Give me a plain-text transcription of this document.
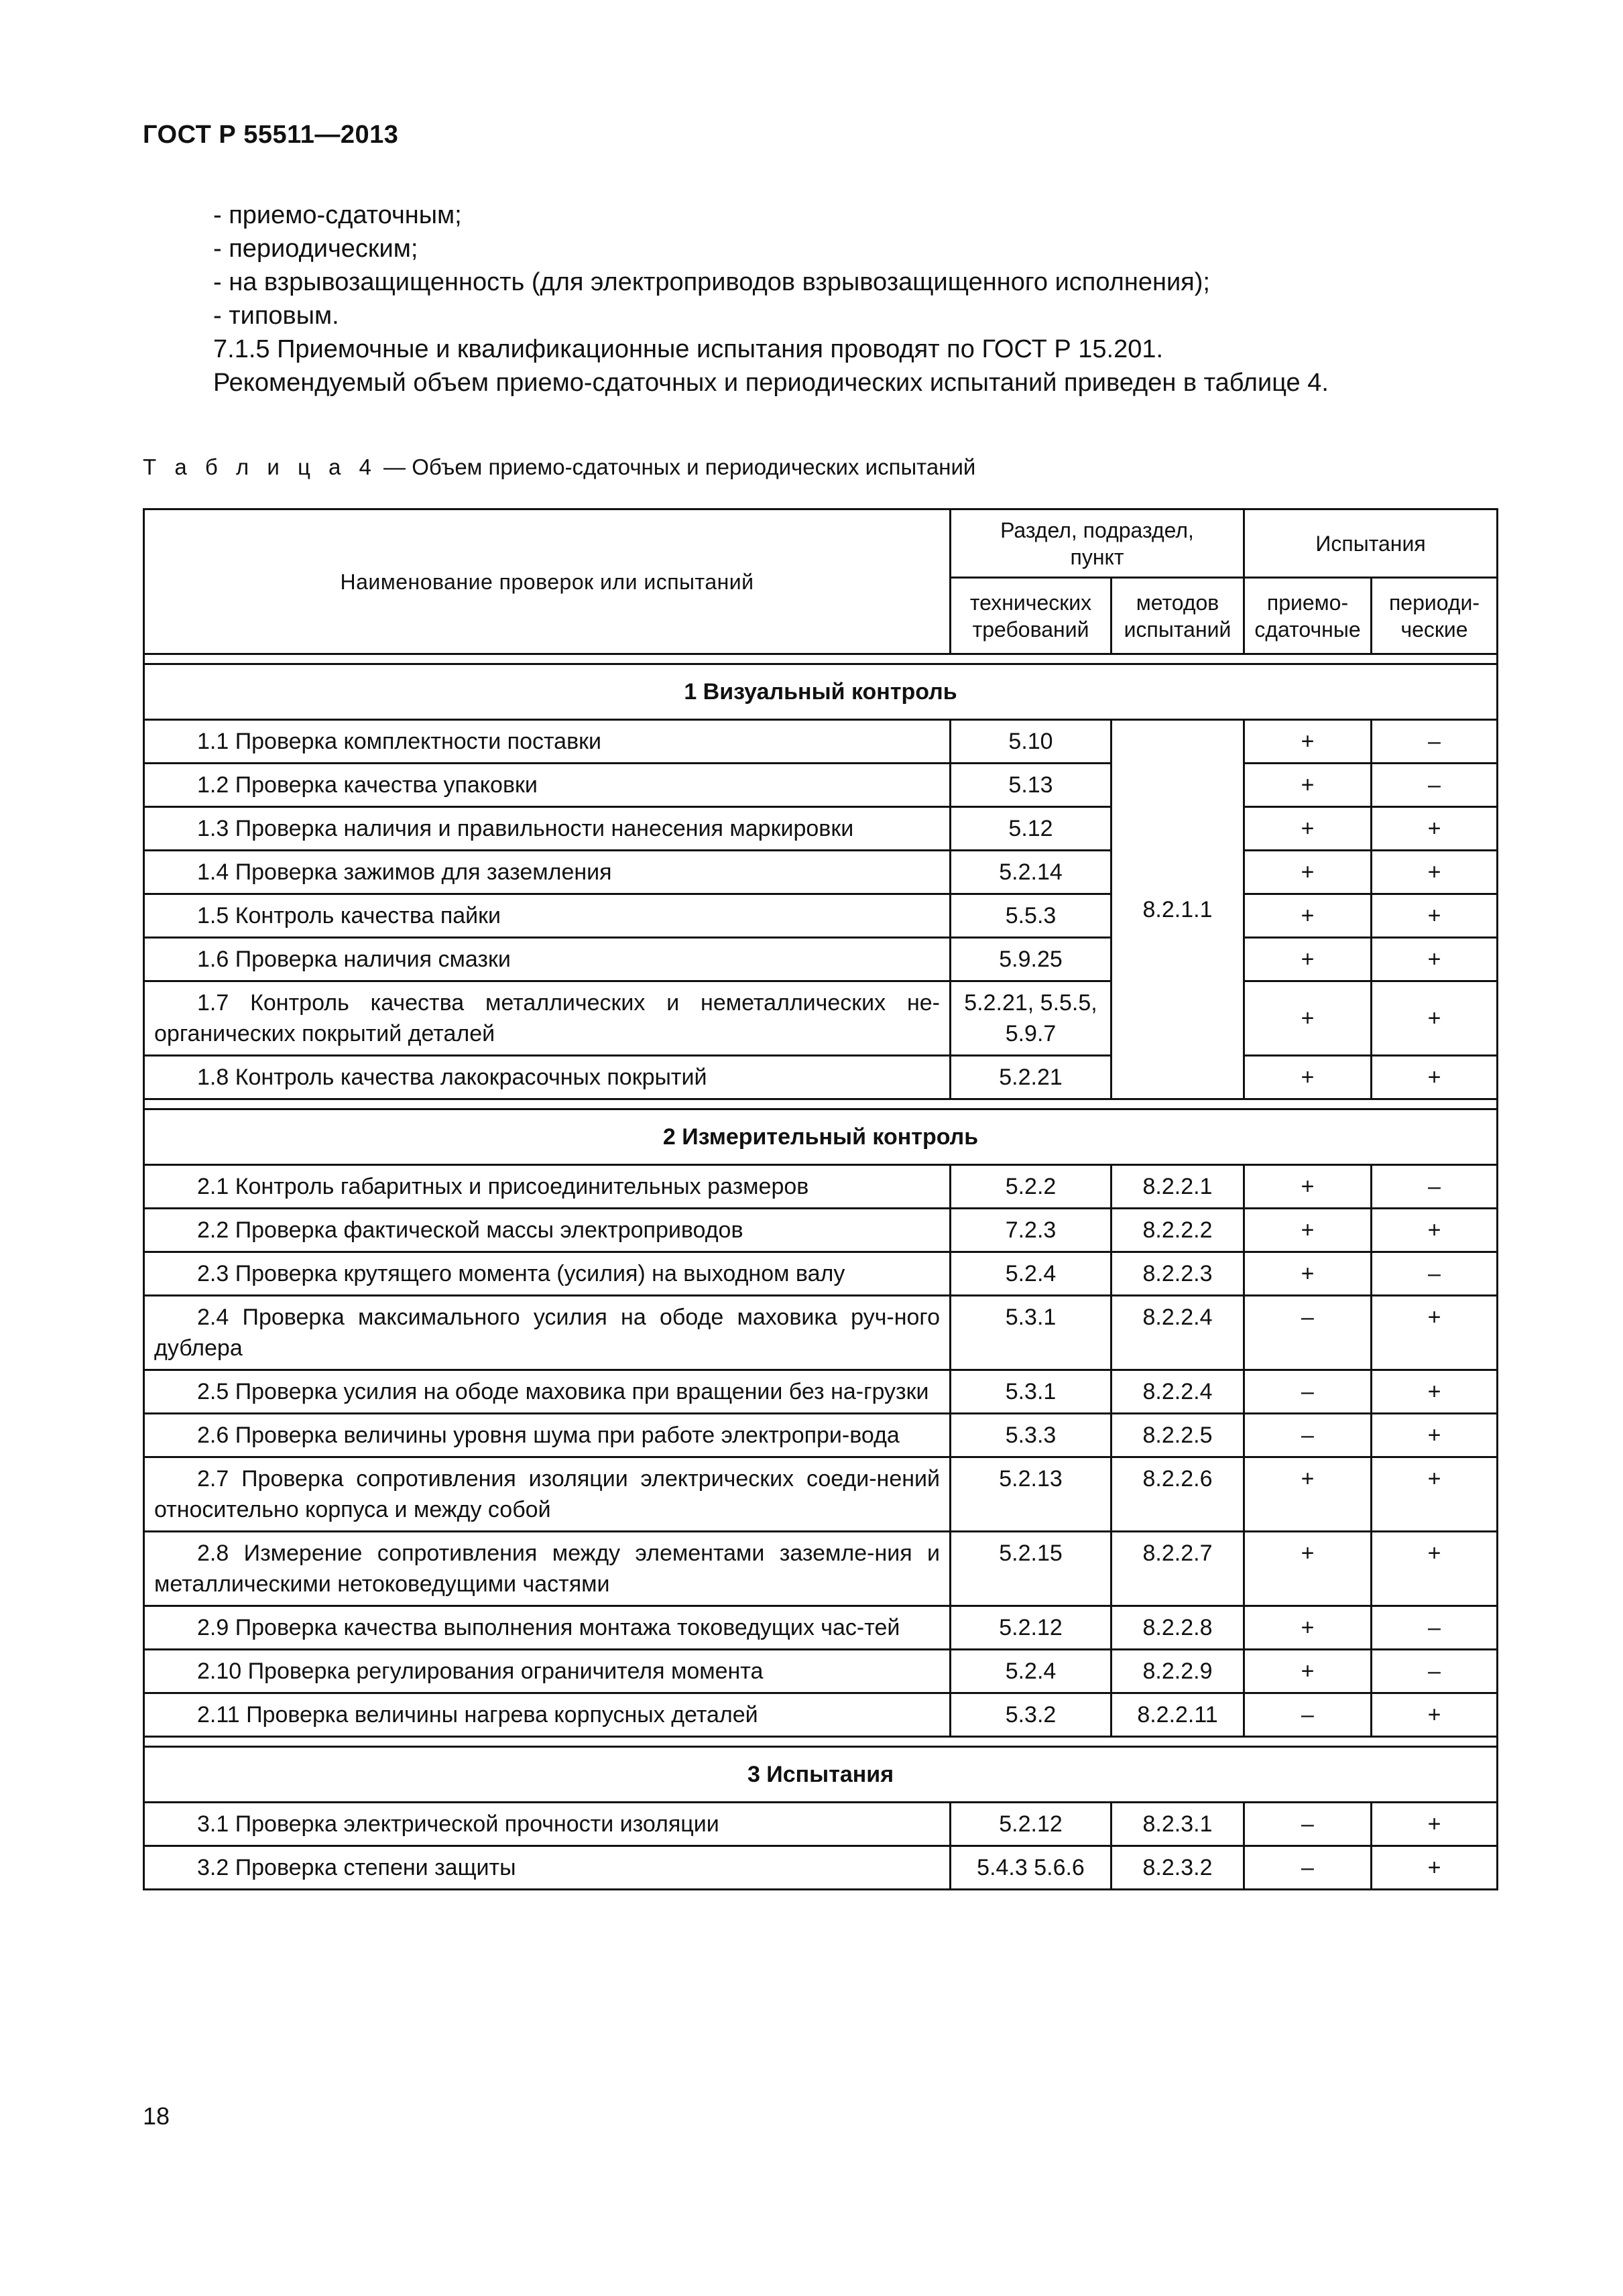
ГОСТ Р 55511—2013
- приемо-сдаточным;
- периодическим;
- на взрывозащищенность (для электроприводов взрывозащищенного исполнения);
- типовым.
7.1.5 Приемочные и квалификационные испытания проводят по ГОСТ Р 15.201.
Рекомендуемый объем приемо-сдаточных и периодических испытаний приведен в таблице 4.
Т а б л и ц а 4 — Объем приемо-сдаточных и периодических испытаний
Наименование проверок или испытаний	Раздел, подраздел, пункт		Испытания	
	технических требований	методов испытаний	приемо-сдаточные	периоди-ческие

1 Визуальный контроль				
1.1 Проверка комплектности поставки	5.10	8.2.1.1	+	–
1.2 Проверка качества упаковки	5.13		+	–
1.3 Проверка наличия и правильности нанесения маркировки	5.12		+	+
1.4 Проверка зажимов для заземления	5.2.14		+	+
1.5 Контроль качества пайки	5.5.3		+	+
1.6 Проверка наличия смазки	5.9.25		+	+
1.7 Контроль качества металлических и неметаллических не-органических покрытий деталей	5.2.21, 5.5.5, 5.9.7		+	+
1.8 Контроль качества лакокрасочных покрытий	5.2.21		+	+

2 Измерительный контроль				
2.1 Контроль габаритных и присоединительных размеров	5.2.2	8.2.2.1	+	–
2.2 Проверка фактической массы электроприводов	7.2.3	8.2.2.2	+	+
2.3 Проверка крутящего момента (усилия) на выходном валу	5.2.4	8.2.2.3	+	–
2.4 Проверка максимального усилия на ободе маховика руч-ного дублера	5.3.1	8.2.2.4	–	+
2.5 Проверка усилия на ободе маховика при вращении без на-грузки	5.3.1	8.2.2.4	–	+
2.6 Проверка величины уровня шума при работе электропри-вода	5.3.3	8.2.2.5	–	+
2.7 Проверка сопротивления изоляции электрических соеди-нений относительно корпуса и между собой	5.2.13	8.2.2.6	+	+
2.8 Измерение сопротивления между элементами заземле-ния и металлическими нетоковедущими частями	5.2.15	8.2.2.7	+	+
2.9 Проверка качества выполнения монтажа токоведущих час-тей	5.2.12	8.2.2.8	+	–
2.10 Проверка регулирования ограничителя момента	5.2.4	8.2.2.9	+	–
2.11 Проверка величины нагрева корпусных деталей	5.3.2	8.2.2.11	–	+

3 Испытания				
3.1 Проверка электрической прочности изоляции	5.2.12	8.2.3.1	–	+
3.2 Проверка степени защиты	5.4.3 5.6.6	8.2.3.2	–	+
18
